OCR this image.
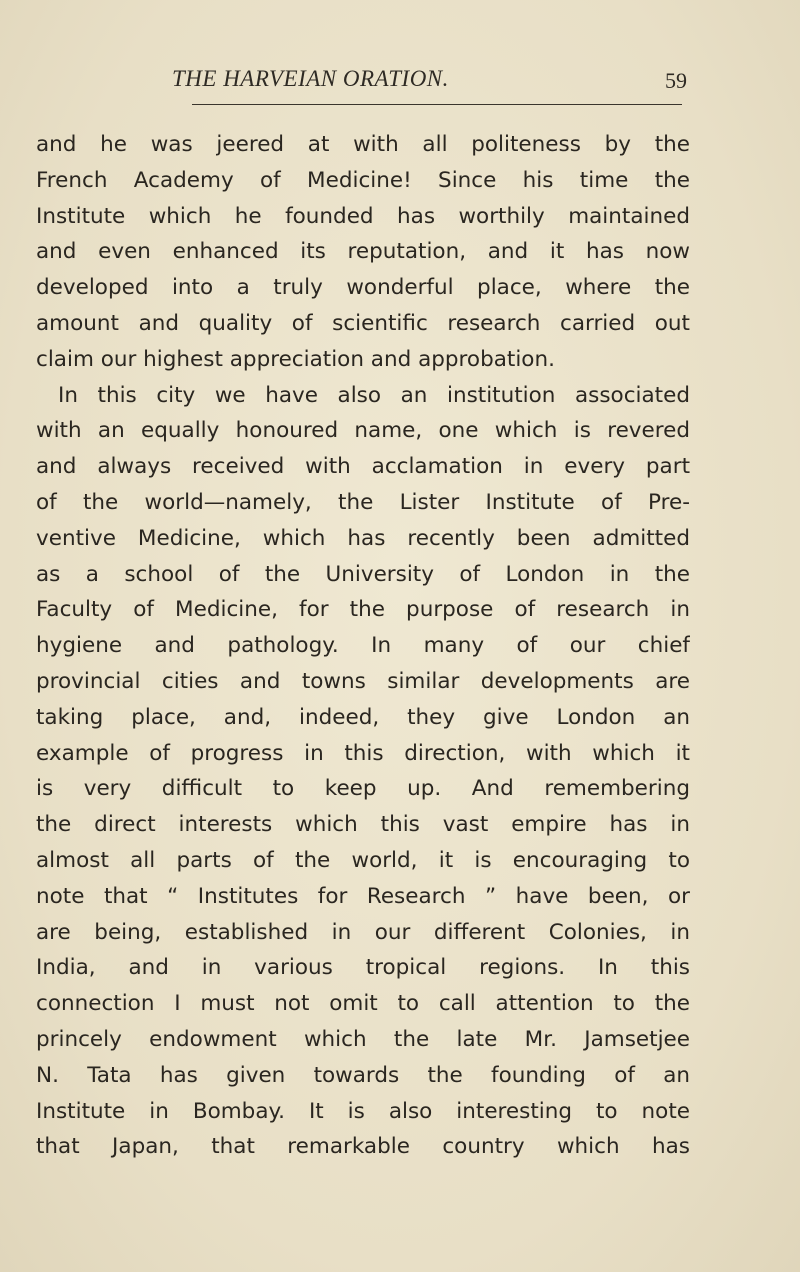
THE HARVEIAN ORATION.	59
and he was jeered at with all politeness by the
French Academy of Medicine! Since his time the
Institute which he founded has worthily maintained
and even enhanced its reputation, and it has now
developed into a truly wonderful place, where the
amount and quality of scientific research carried out
claim our highest appreciation and approbation.
In this city we have also an institution associated
with an equally honoured name, one which is revered
and always received with acclamation in every part
of the world—namely, the Lister Institute of Pre-
ventive Medicine, which has recently been admitted
as a school of the University of London in the
Faculty of Medicine, for the purpose of research in
hygiene and pathology. In many of our chief
provincial cities and towns similar developments are
taking place, and, indeed, they give London an
example of progress in this direction, with which it
is very difficult to keep up. And remembering
the direct interests which this vast empire has in
almost all parts of the world, it is encouraging to
note that “ Institutes for Research ” have been, or
are being, established in our different Colonies, in
India, and in various tropical regions. In this
connection I must not omit to call attention to the
princely endowment which the late Mr. Jamsetjee
N. Tata has given towards the founding of an
Institute in Bombay. It is also interesting to note
that Japan, that remarkable country which has
